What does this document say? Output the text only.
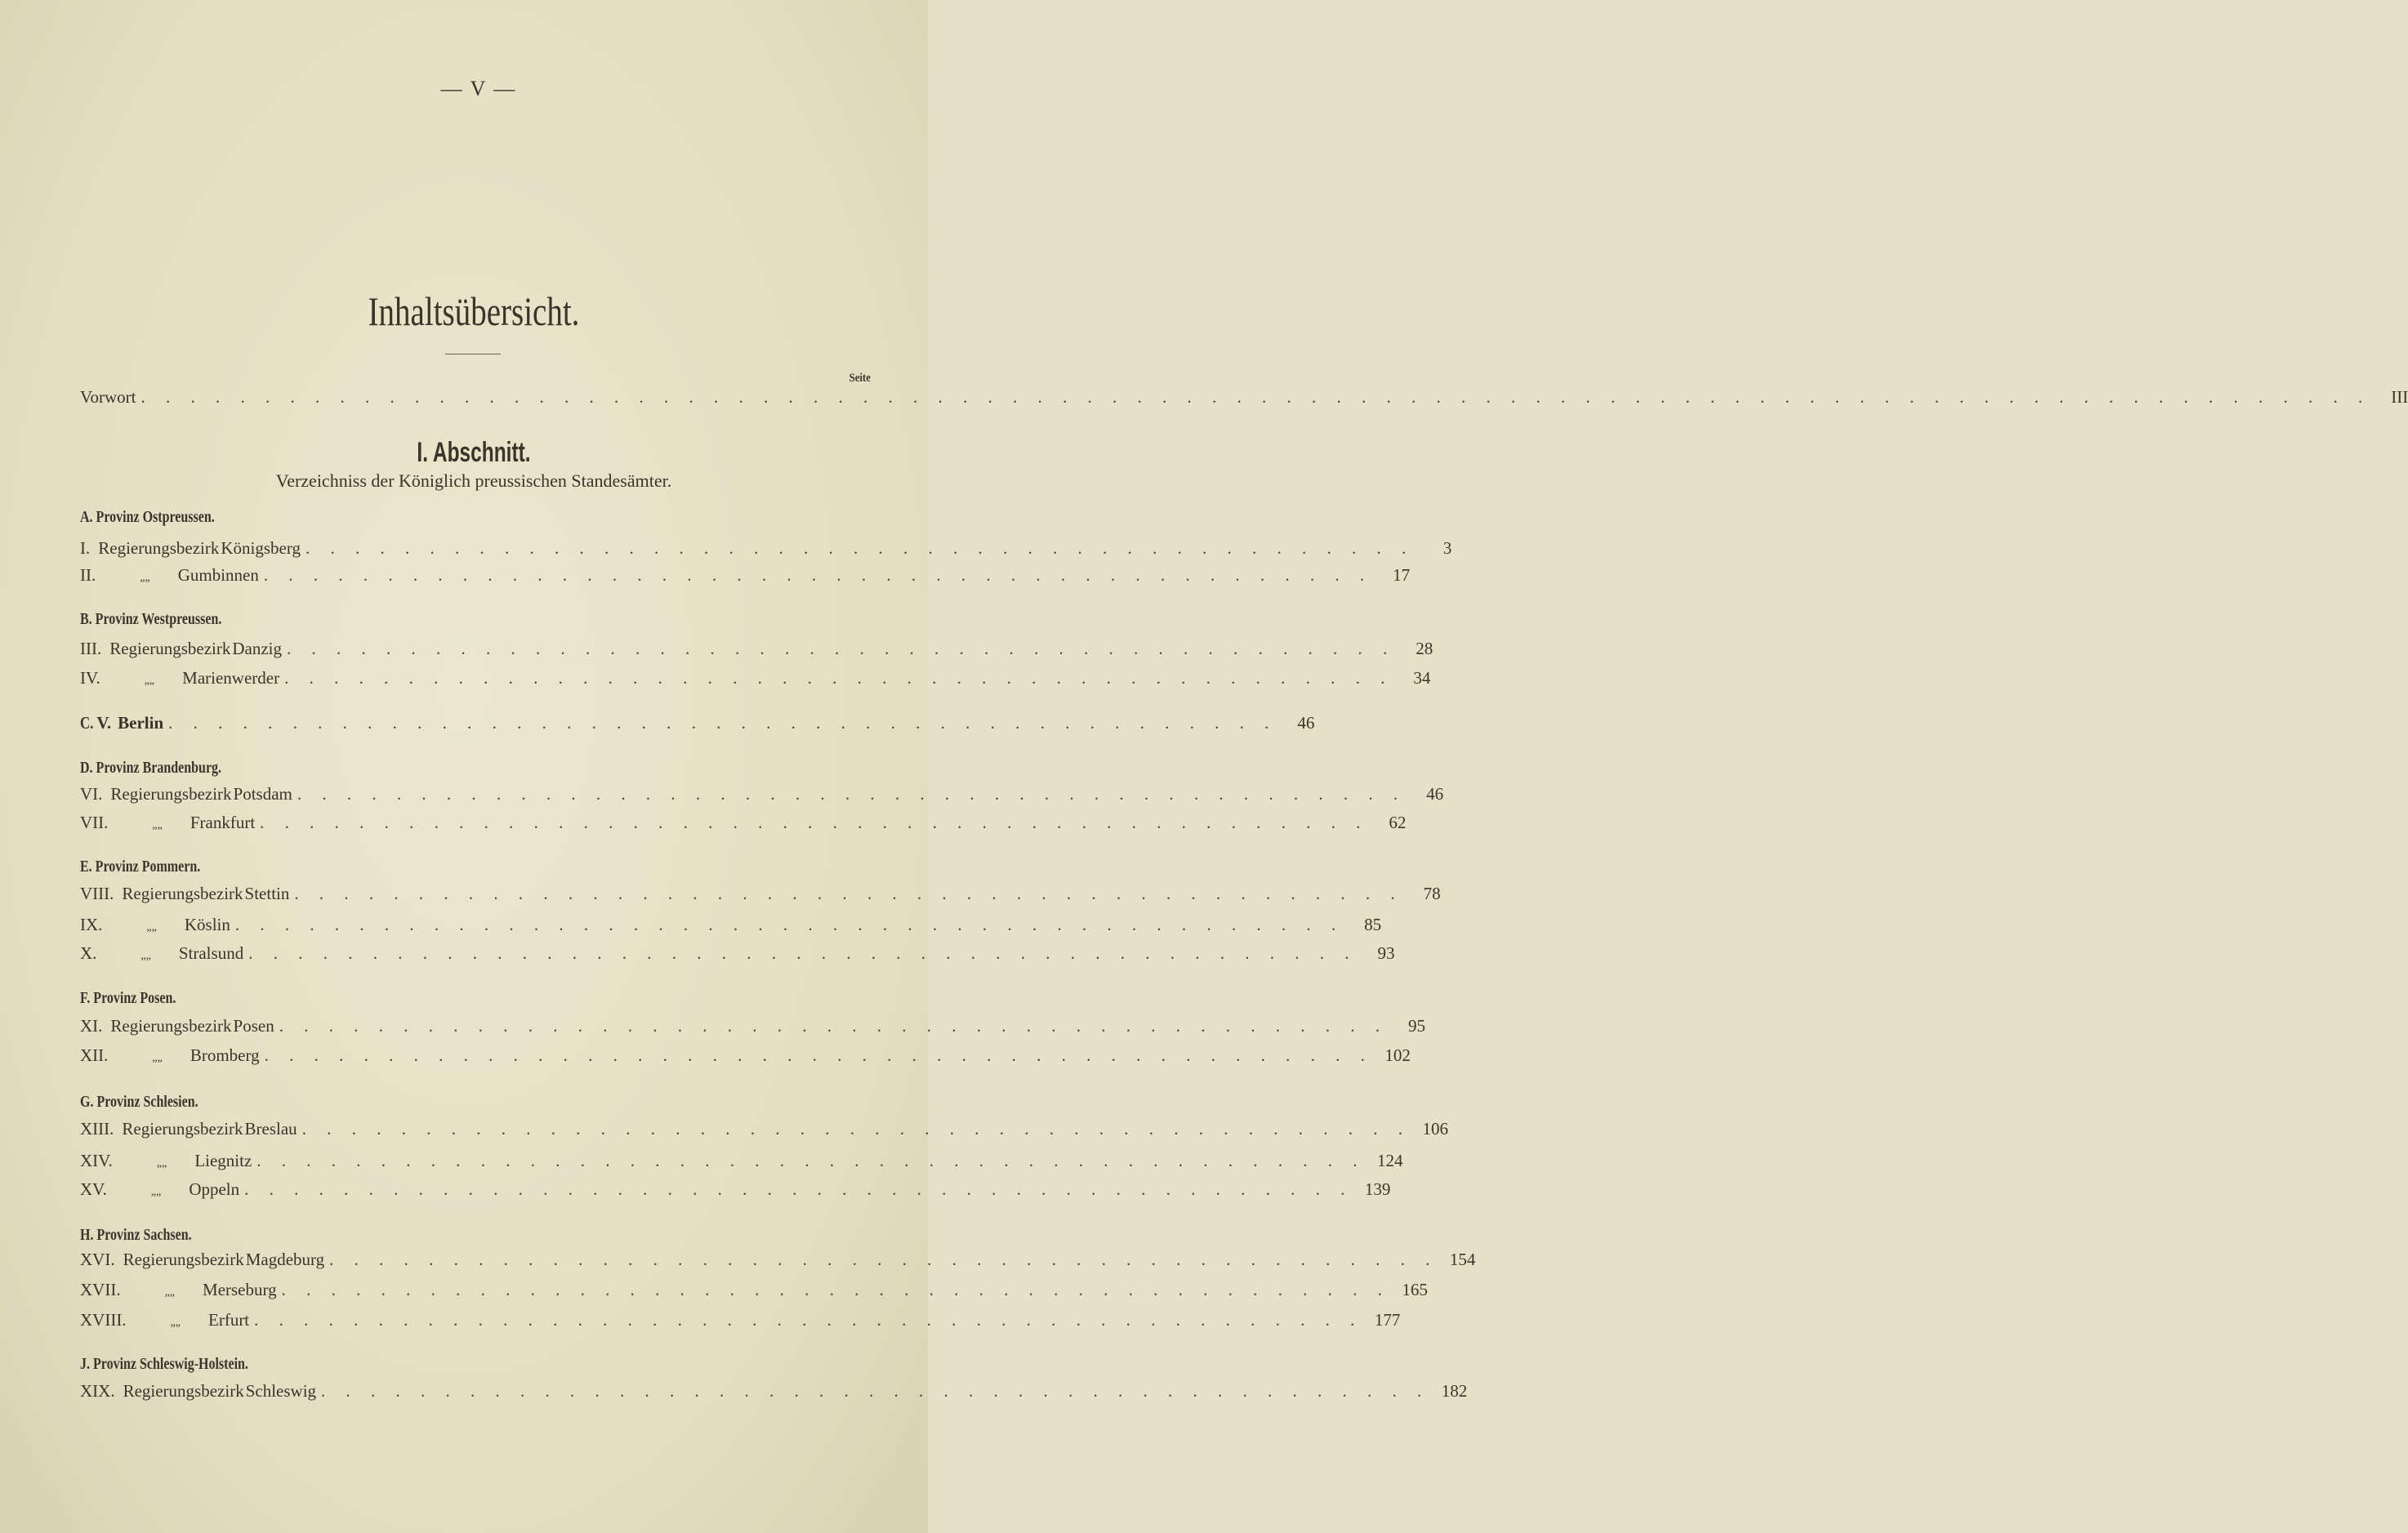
— V —
Inhaltsübersicht.
Seite
Vorwort . . . . . . . . . . . . . . . . . . . . . . . . . . . . . . . . . . . . . . . . . . . . . . . . . . . . . . . . . . . . . . . . . . . . . . . . . . . . . . . . . . . . . . . . . .	III
I. Abschnitt.
Verzeichniss der Königlich preussischen Standesämter.
A. Provinz Ostpreussen.
I. Regierungsbezirk Königsberg . . . . . . . . . . . . . . . . . . . . . . . . . . . . . . . . . . . . . . . . . . . . .	3
II.	„ „ Gumbinnen . . . . . . . . . . . . . . . . . . . . . . . . . . . . . . . . . . . . . . . . . . . . .	17
B. Provinz Westpreussen.
III. Regierungsbezirk Danzig . . . . . . . . . . . . . . . . . . . . . . . . . . . . . . . . . . . . . . . . . . . . .	28
IV.	„ „ Marienwerder . . . . . . . . . . . . . . . . . . . . . . . . . . . . . . . . . . . . . . . . . . . . .	34
C. V. Berlin . . . . . . . . . . . . . . . . . . . . . . . . . . . . . . . . . . . . . . . . . . . . .	46
D. Provinz Brandenburg.
VI. Regierungsbezirk Potsdam . . . . . . . . . . . . . . . . . . . . . . . . . . . . . . . . . . . . . . . . . . . . .	46
VII.	„ „ Frankfurt . . . . . . . . . . . . . . . . . . . . . . . . . . . . . . . . . . . . . . . . . . . . .	62
E. Provinz Pommern.
VIII. Regierungsbezirk Stettin . . . . . . . . . . . . . . . . . . . . . . . . . . . . . . . . . . . . . . . . . . . . .	78
IX.	„ „ Köslin . . . . . . . . . . . . . . . . . . . . . . . . . . . . . . . . . . . . . . . . . . . . .	85
X.	„ „ Stralsund . . . . . . . . . . . . . . . . . . . . . . . . . . . . . . . . . . . . . . . . . . . . .	93
F. Provinz Posen.
XI. Regierungsbezirk Posen . . . . . . . . . . . . . . . . . . . . . . . . . . . . . . . . . . . . . . . . . . . . .	95
XII.	„ „ Bromberg . . . . . . . . . . . . . . . . . . . . . . . . . . . . . . . . . . . . . . . . . . . . . 102
G. Provinz Schlesien.
XIII. Regierungsbezirk Breslau . . . . . . . . . . . . . . . . . . . . . . . . . . . . . . . . . . . . . . . . . . . . . 106
XIV.	„ „ Liegnitz . . . . . . . . . . . . . . . . . . . . . . . . . . . . . . . . . . . . . . . . . . . . . 124
XV.	„ „ Oppeln . . . . . . . . . . . . . . . . . . . . . . . . . . . . . . . . . . . . . . . . . . . . . 139
H. Provinz Sachsen.
XVI. Regierungsbezirk Magdeburg . . . . . . . . . . . . . . . . . . . . . . . . . . . . . . . . . . . . . . . . . . . . . 154
XVII.	„ „ Merseburg . . . . . . . . . . . . . . . . . . . . . . . . . . . . . . . . . . . . . . . . . . . . . 165
XVIII.	„ „ Erfurt . . . . . . . . . . . . . . . . . . . . . . . . . . . . . . . . . . . . . . . . . . . . . 177
J. Provinz Schleswig-Holstein.
XIX. Regierungsbezirk Schleswig . . . . . . . . . . . . . . . . . . . . . . . . . . . . . . . . . . . . . . . . . . . . . 182
